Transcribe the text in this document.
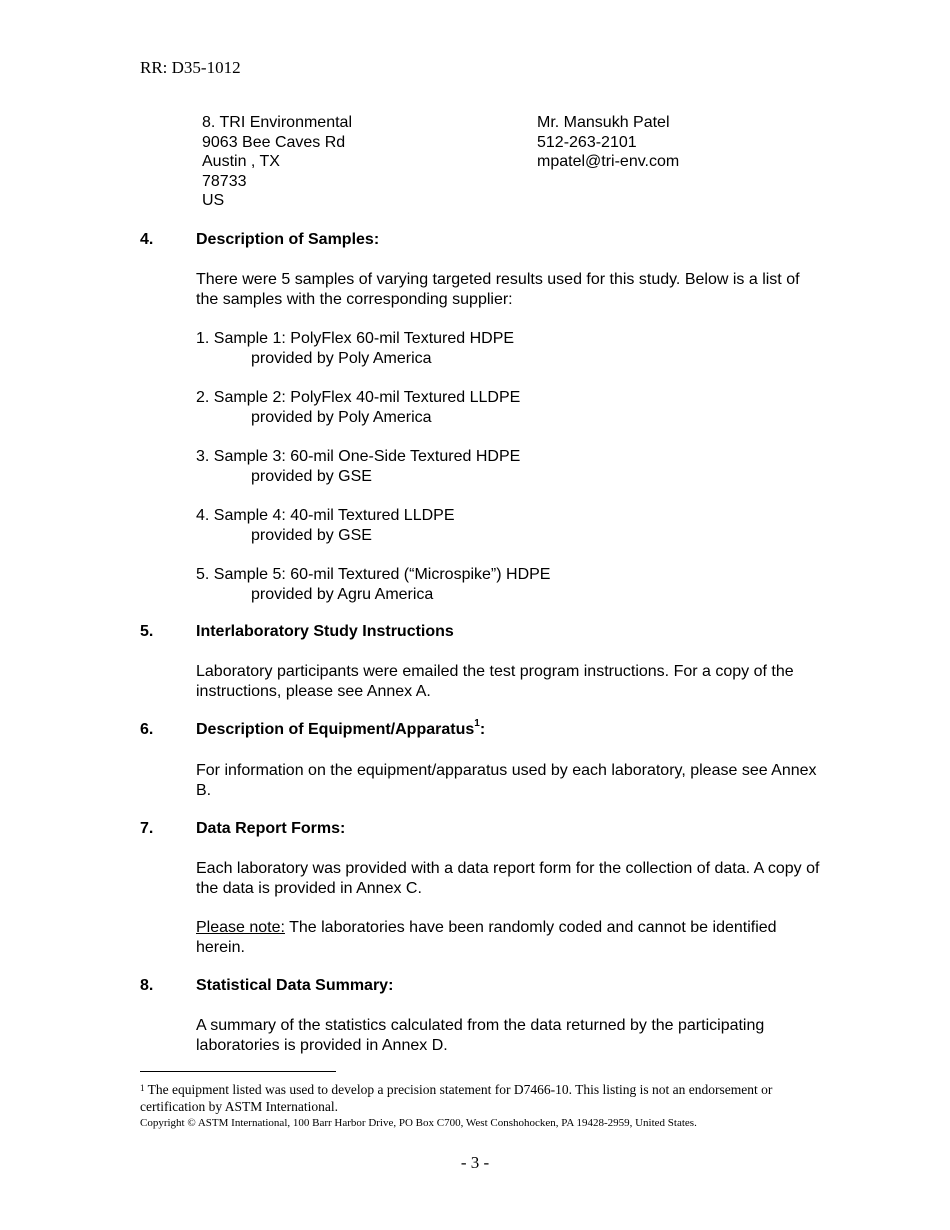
RR: D35-1012
8. TRI Environmental
9063 Bee Caves Rd
Austin , TX
78733
US
Mr. Mansukh Patel
512-263-2101
mpatel@tri-env.com
4.	Description of Samples:
There were 5 samples of varying targeted results used for this study. Below is a list of the samples with the corresponding supplier:
1. Sample 1: PolyFlex 60-mil Textured HDPE
provided by Poly America
2. Sample 2: PolyFlex 40-mil Textured LLDPE
provided by Poly America
3. Sample 3: 60-mil One-Side Textured HDPE
provided by GSE
4. Sample 4: 40-mil Textured LLDPE
provided by GSE
5. Sample 5: 60-mil Textured (“Microspike”) HDPE
provided by Agru America
5.	Interlaboratory Study Instructions
Laboratory participants were emailed the test program instructions. For a copy of the instructions, please see Annex A.
6.	Description of Equipment/Apparatus$^1$:
For information on the equipment/apparatus used by each laboratory, please see Annex B.
7.	Data Report Forms:
Each laboratory was provided with a data report form for the collection of data. A copy of the data is provided in Annex C.
Please note: The laboratories have been randomly coded and cannot be identified herein.
8.	Statistical Data Summary:
A summary of the statistics calculated from the data returned by the participating laboratories is provided in Annex D.
$^1$ The equipment listed was used to develop a precision statement for D7466-10. This listing is not an endorsement or certification by ASTM International.
Copyright © ASTM International, 100 Barr Harbor Drive, PO Box C700, West Conshohocken, PA 19428-2959, United States.
- 3 -
